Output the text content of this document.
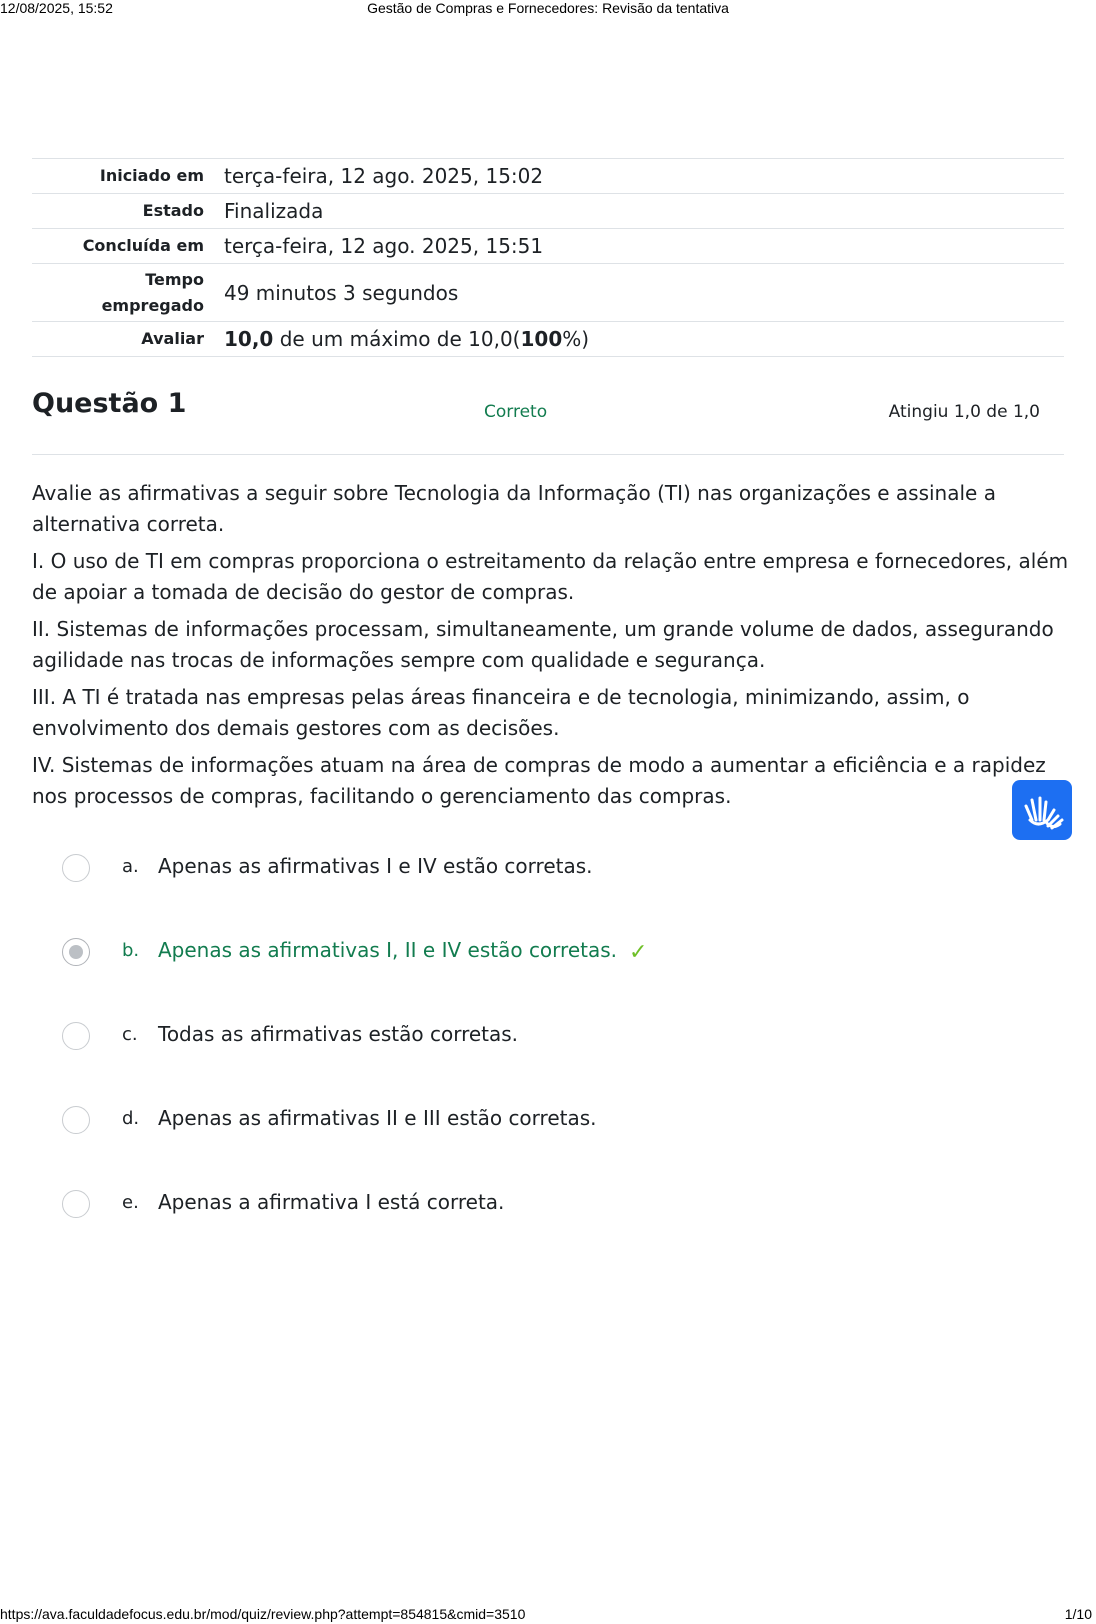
12/08/2025, 15:52	Gestão de Compras e Fornecedores: Revisão da tentativa
Iniciado em	terça-feira, 12 ago. 2025, 15:02
Estado	Finalizada
Concluída em	terça-feira, 12 ago. 2025, 15:51
Tempo
empregado	49 minutos 3 segundos
Avaliar	10,0 de um máximo de 10,0(100%)
Questão 1	Correto	Atingiu 1,0 de 1,0

Avalie as afirmativas a seguir sobre Tecnologia da Informação (TI) nas organizações e assinale a alternativa correta.

I. O uso de TI em compras proporciona o estreitamento da relação entre empresa e fornecedores, além de apoiar a tomada de decisão do gestor de compras.

II. Sistemas de informações processam, simultaneamente, um grande volume de dados, assegurando agilidade nas trocas de informações sempre com qualidade e segurança.

III. A TI é tratada nas empresas pelas áreas financeira e de tecnologia, minimizando, assim, o envolvimento dos demais gestores com as decisões.

IV. Sistemas de informações atuam na área de compras de modo a aumentar a eficiência e a rapidez nos processos de compras, facilitando o gerenciamento das compras.

a. Apenas as afirmativas I e IV estão corretas.
b. Apenas as afirmativas I, II e IV estão corretas. ✓
c. Todas as afirmativas estão corretas.
d. Apenas as afirmativas II e III estão corretas.
e. Apenas a afirmativa I está correta.
https://ava.faculdadefocus.edu.br/mod/quiz/review.php?attempt=854815&cmid=3510	1/10
